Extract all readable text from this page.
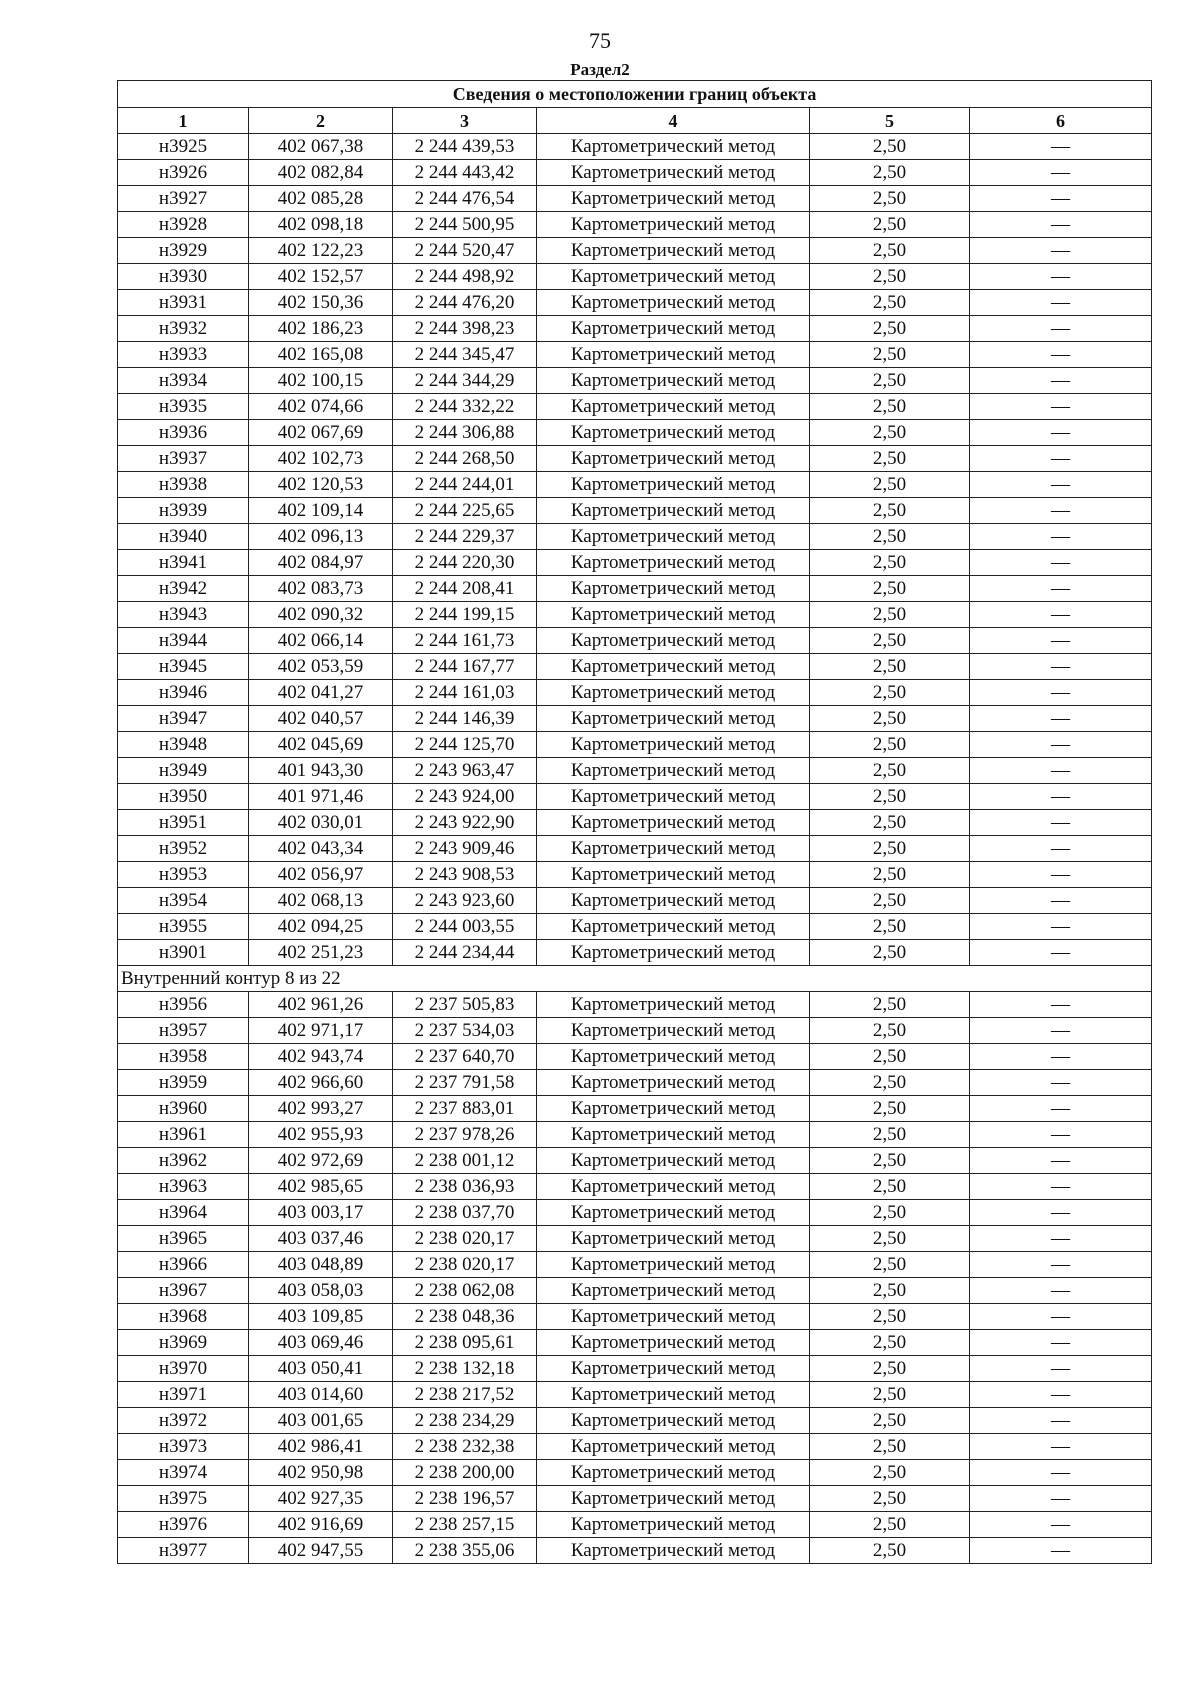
75
Раздел2
Сведения о местоположении границ объекта					
1	2	3	4	5	6
н3925	402 067,38	2 244 439,53	Картометрический метод	2,50	—
н3926	402 082,84	2 244 443,42	Картометрический метод	2,50	—
н3927	402 085,28	2 244 476,54	Картометрический метод	2,50	—
н3928	402 098,18	2 244 500,95	Картометрический метод	2,50	—
н3929	402 122,23	2 244 520,47	Картометрический метод	2,50	—
н3930	402 152,57	2 244 498,92	Картометрический метод	2,50	—
н3931	402 150,36	2 244 476,20	Картометрический метод	2,50	—
н3932	402 186,23	2 244 398,23	Картометрический метод	2,50	—
н3933	402 165,08	2 244 345,47	Картометрический метод	2,50	—
н3934	402 100,15	2 244 344,29	Картометрический метод	2,50	—
н3935	402 074,66	2 244 332,22	Картометрический метод	2,50	—
н3936	402 067,69	2 244 306,88	Картометрический метод	2,50	—
н3937	402 102,73	2 244 268,50	Картометрический метод	2,50	—
н3938	402 120,53	2 244 244,01	Картометрический метод	2,50	—
н3939	402 109,14	2 244 225,65	Картометрический метод	2,50	—
н3940	402 096,13	2 244 229,37	Картометрический метод	2,50	—
н3941	402 084,97	2 244 220,30	Картометрический метод	2,50	—
н3942	402 083,73	2 244 208,41	Картометрический метод	2,50	—
н3943	402 090,32	2 244 199,15	Картометрический метод	2,50	—
н3944	402 066,14	2 244 161,73	Картометрический метод	2,50	—
н3945	402 053,59	2 244 167,77	Картометрический метод	2,50	—
н3946	402 041,27	2 244 161,03	Картометрический метод	2,50	—
н3947	402 040,57	2 244 146,39	Картометрический метод	2,50	—
н3948	402 045,69	2 244 125,70	Картометрический метод	2,50	—
н3949	401 943,30	2 243 963,47	Картометрический метод	2,50	—
н3950	401 971,46	2 243 924,00	Картометрический метод	2,50	—
н3951	402 030,01	2 243 922,90	Картометрический метод	2,50	—
н3952	402 043,34	2 243 909,46	Картометрический метод	2,50	—
н3953	402 056,97	2 243 908,53	Картометрический метод	2,50	—
н3954	402 068,13	2 243 923,60	Картометрический метод	2,50	—
н3955	402 094,25	2 244 003,55	Картометрический метод	2,50	—
н3901	402 251,23	2 244 234,44	Картометрический метод	2,50	—
Внутренний контур 8 из 22					
н3956	402 961,26	2 237 505,83	Картометрический метод	2,50	—
н3957	402 971,17	2 237 534,03	Картометрический метод	2,50	—
н3958	402 943,74	2 237 640,70	Картометрический метод	2,50	—
н3959	402 966,60	2 237 791,58	Картометрический метод	2,50	—
н3960	402 993,27	2 237 883,01	Картометрический метод	2,50	—
н3961	402 955,93	2 237 978,26	Картометрический метод	2,50	—
н3962	402 972,69	2 238 001,12	Картометрический метод	2,50	—
н3963	402 985,65	2 238 036,93	Картометрический метод	2,50	—
н3964	403 003,17	2 238 037,70	Картометрический метод	2,50	—
н3965	403 037,46	2 238 020,17	Картометрический метод	2,50	—
н3966	403 048,89	2 238 020,17	Картометрический метод	2,50	—
н3967	403 058,03	2 238 062,08	Картометрический метод	2,50	—
н3968	403 109,85	2 238 048,36	Картометрический метод	2,50	—
н3969	403 069,46	2 238 095,61	Картометрический метод	2,50	—
н3970	403 050,41	2 238 132,18	Картометрический метод	2,50	—
н3971	403 014,60	2 238 217,52	Картометрический метод	2,50	—
н3972	403 001,65	2 238 234,29	Картометрический метод	2,50	—
н3973	402 986,41	2 238 232,38	Картометрический метод	2,50	—
н3974	402 950,98	2 238 200,00	Картометрический метод	2,50	—
н3975	402 927,35	2 238 196,57	Картометрический метод	2,50	—
н3976	402 916,69	2 238 257,15	Картометрический метод	2,50	—
н3977	402 947,55	2 238 355,06	Картометрический метод	2,50	—
